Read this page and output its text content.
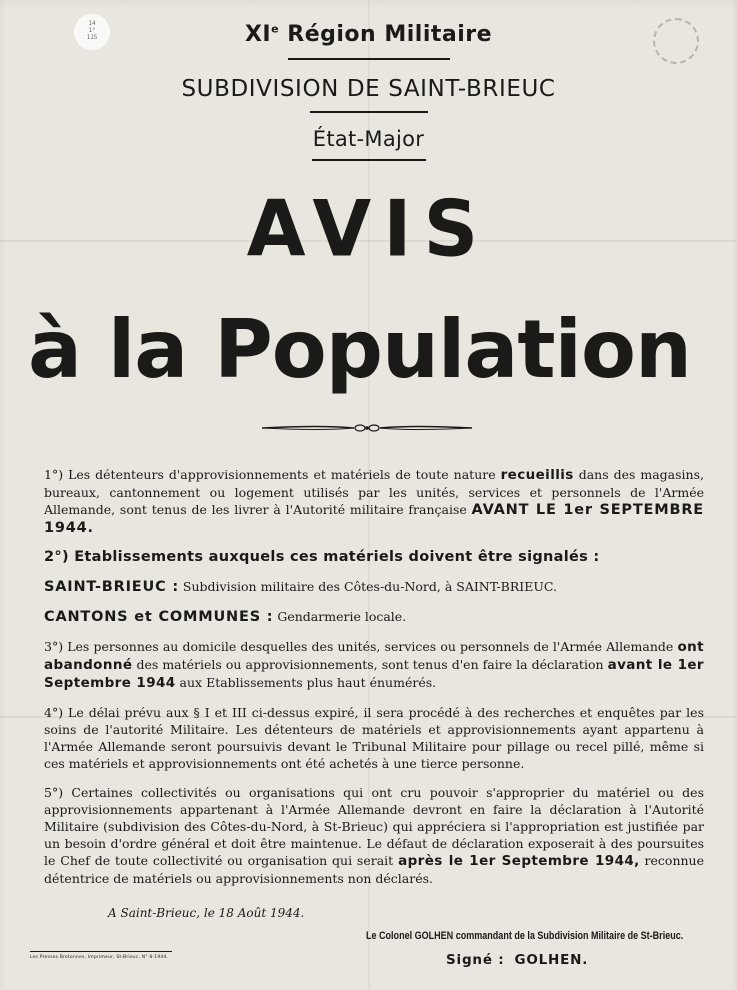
14
1°
115	XIe Région Militaire
SUBDIVISION DE SAINT-BRIEUC
État-Major
AVIS
à la Population

1°) Les détenteurs d'approvisionnements et matériels de toute nature recueillis dans des magasins, bureaux, cantonnement ou logement utilisés par les unités, services et personnels de l'Armée Allemande, sont tenus de les livrer à l'Autorité militaire française AVANT LE 1er SEPTEMBRE 1944.

2°) Etablissements auxquels ces matériels doivent être signalés :

SAINT-BRIEUC : Subdivision militaire des Côtes-du-Nord, à SAINT-BRIEUC.

CANTONS et COMMUNES : Gendarmerie locale.

3°) Les personnes au domicile desquelles des unités, services ou personnels de l'Armée Allemande ont abandonné des matériels ou approvisionnements, sont tenus d'en faire la déclaration avant le 1er Septembre 1944 aux Etablissements plus haut énumérés.

4°) Le délai prévu aux § I et III ci-dessus expiré, il sera procédé à des recherches et enquêtes par les soins de l'autorité Militaire. Les détenteurs de matériels et approvisionnements ayant appartenu à l'Armée Allemande seront poursuivis devant le Tribunal Militaire pour pillage ou recel pillé, même si ces matériels et approvisionnements ont été achetés à une tierce personne.

5°) Certaines collectivités ou organisations qui ont cru pouvoir s'approprier du matériel ou des approvisionnements appartenant à l'Armée Allemande devront en faire la déclaration à l'Autorité Militaire (subdivision des Côtes-du-Nord, à St-Brieuc) qui appréciera si l'appropriation est justifiée par un besoin d'ordre général et doit être maintenue. Le défaut de déclaration exposerait à des poursuites le Chef de toute collectivité ou organisation qui serait après le 1er Septembre 1944, reconnue détentrice de matériels ou approvisionnements non déclarés.

A Saint-Brieuc, le 18 Août 1944.
Le Colonel GOLHEN commandant de la Subdivision Militaire de St-Brieuc.
Signé : GOLHEN.
Les Presses Bretonnes, Imprimeur, St-Brieuc, N° 8-1944.
